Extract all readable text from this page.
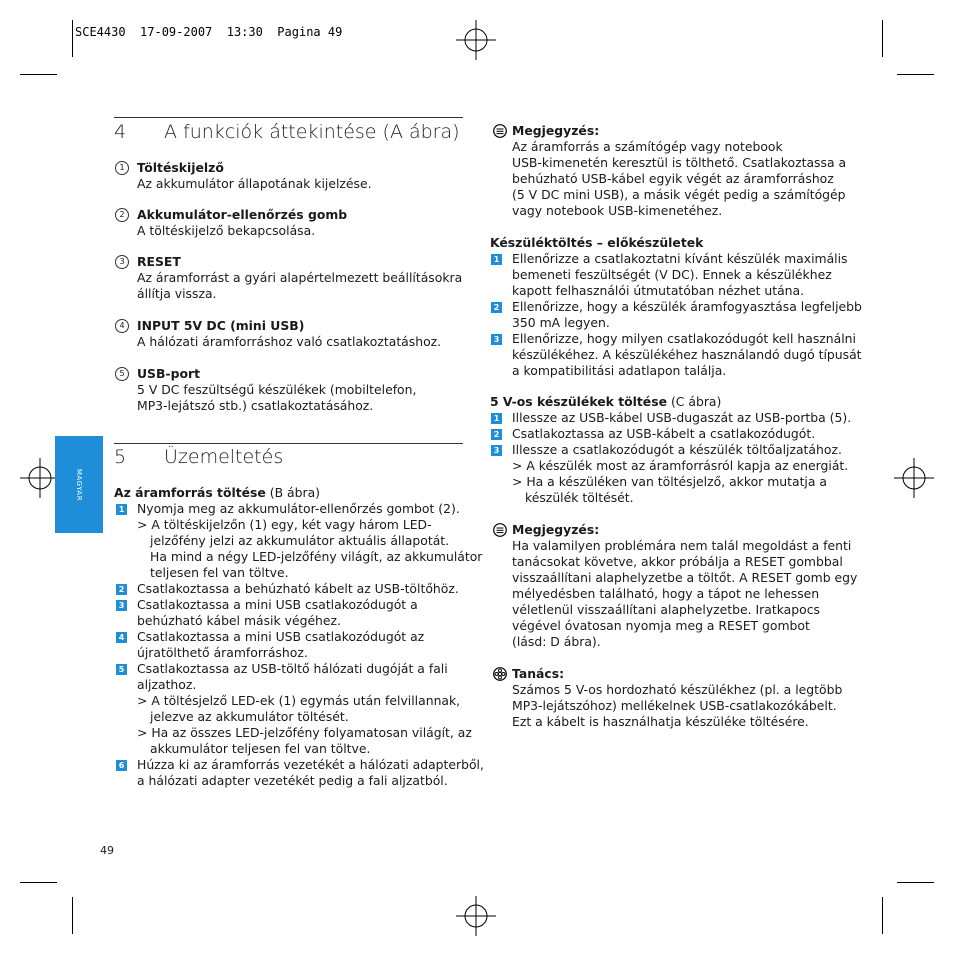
SCE4430  17-09-2007  13:30  Pagina 49
MAGYAR
4 A funkciók áttekintése (A ábra)
1	Töltéskijelző
Az akkumulátor állapotának kijelzése.
2	Akkumulátor-ellenőrzés gomb
A töltéskijelző bekapcsolása.
3	RESET
Az áramforrást a gyári alapértelmezett beállításokra
állítja vissza.
4	INPUT 5V DC (mini USB)
A hálózati áramforráshoz való csatlakoztatáshoz.
5	USB-port
5 V DC feszültségű készülékek (mobiltelefon,
MP3-lejátszó stb.) csatlakoztatásához.
5 Üzemeltetés
Az áramforrás töltése (B ábra)
1 Nyomja meg az akkumulátor-ellenőrzés gombot (2).
> A töltéskijelzőn (1) egy, két vagy három LED-
jelzőfény jelzi az akkumulátor aktuális állapotát.
Ha mind a négy LED-jelzőfény világít, az akkumulátor
teljesen fel van töltve.
2 Csatlakoztassa a behúzható kábelt az USB-töltőhöz.
3 Csatlakoztassa a mini USB csatlakozódugót a
behúzható kábel másik végéhez.
4 Csatlakoztassa a mini USB csatlakozódugót az
újratölthető áramforráshoz.
5 Csatlakoztassa az USB-töltő hálózati dugóját a fali
aljzathoz.
> A töltésjelző LED-ek (1) egymás után felvillannak,
jelezve az akkumulátor töltését.
> Ha az összes LED-jelzőfény folyamatosan világít, az
akkumulátor teljesen fel van töltve.
6 Húzza ki az áramforrás vezetékét a hálózati adapterből,
a hálózati adapter vezetékét pedig a fali aljzatból.
Megjegyzés:
Az áramforrás a számítógép vagy notebook
USB-kimenetén keresztül is tölthető. Csatlakoztassa a
behúzható USB-kábel egyik végét az áramforráshoz
(5 V DC mini USB), a másik végét pedig a számítógép
vagy notebook USB-kimenetéhez.
Készüléktöltés – előkészületek
1 Ellenőrizze a csatlakoztatni kívánt készülék maximális
bemeneti feszültségét (V DC). Ennek a készülékhez
kapott felhasználói útmutatóban nézhet utána.
2 Ellenőrizze, hogy a készülék áramfogyasztása legfeljebb
350 mA legyen.
3 Ellenőrizze, hogy milyen csatlakozódugót kell használni
készülékéhez. A készülékéhez használandó dugó típusát
a kompatibilitási adatlapon találja.
5 V-os készülékek töltése (C ábra)
1 Illessze az USB-kábel USB-dugaszát az USB-portba (5).
2 Csatlakoztassa az USB-kábelt a csatlakozódugót.
3 Illessze a csatlakozódugót a készülék töltőaljzatához.
> A készülék most az áramforrásról kapja az energiát.
> Ha a készüléken van töltésjelző, akkor mutatja a
készülék töltését.
Megjegyzés:
Ha valamilyen problémára nem talál megoldást a fenti
tanácsokat követve, akkor próbálja a RESET gombbal
visszaállítani alaphelyzetbe a töltőt. A RESET gomb egy
mélyedésben található, hogy a tápot ne lehessen
véletlenül visszaállítani alaphelyzetbe. Iratkapocs
végével óvatosan nyomja meg a RESET gombot
(lásd: D ábra).
Tanács:
Számos 5 V-os hordozható készülékhez (pl. a legtöbb
MP3-lejátszóhoz) mellékelnek USB-csatlakozókábelt.
Ezt a kábelt is használhatja készüléke töltésére.
49
